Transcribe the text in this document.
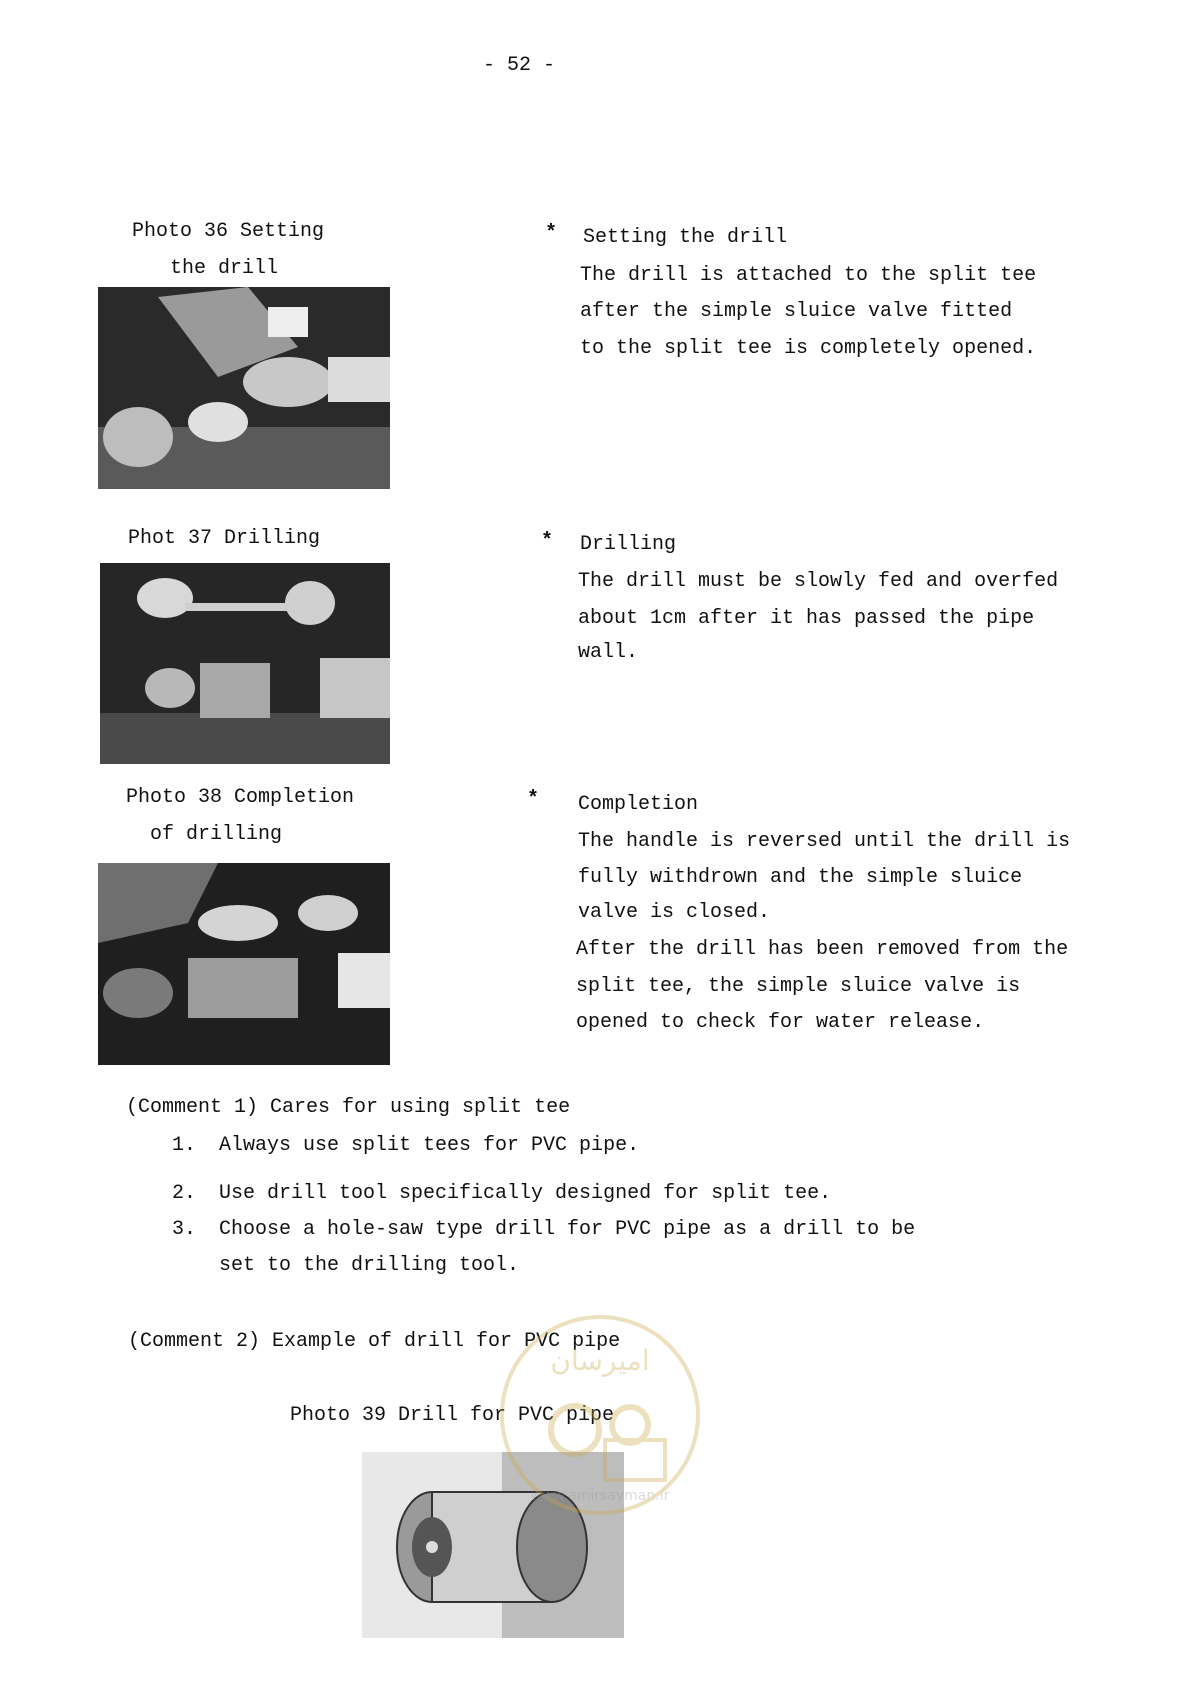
- 52 -
Photo 36 Setting
the drill
* Setting the drill
The drill is attached to the split tee
after the simple sluice valve fitted
to the split tee is completely opened.
Phot 37 Drilling	* Drilling
The drill must be slowly fed and overfed
about 1cm after it has passed the pipe
wall.
Photo 38 Completion
of drilling
* Completion
The handle is reversed until the drill is
fully withdrown and the simple sluice
valve is closed.
After the drill has been removed from the
split tee, the simple sluice valve is
opened to check for water release.
(Comment 1) Cares for using split tee
1. Always use split tees for PVC pipe.
2. Use drill tool specifically designed for split tee.
3. Choose a hole-saw type drill for PVC pipe as a drill to be
set to the drilling tool.
(Comment 2) Example of drill for PVC pipe
Photo 39 Drill for PVC pipe
امیرسان
www.amirsayman.ir
